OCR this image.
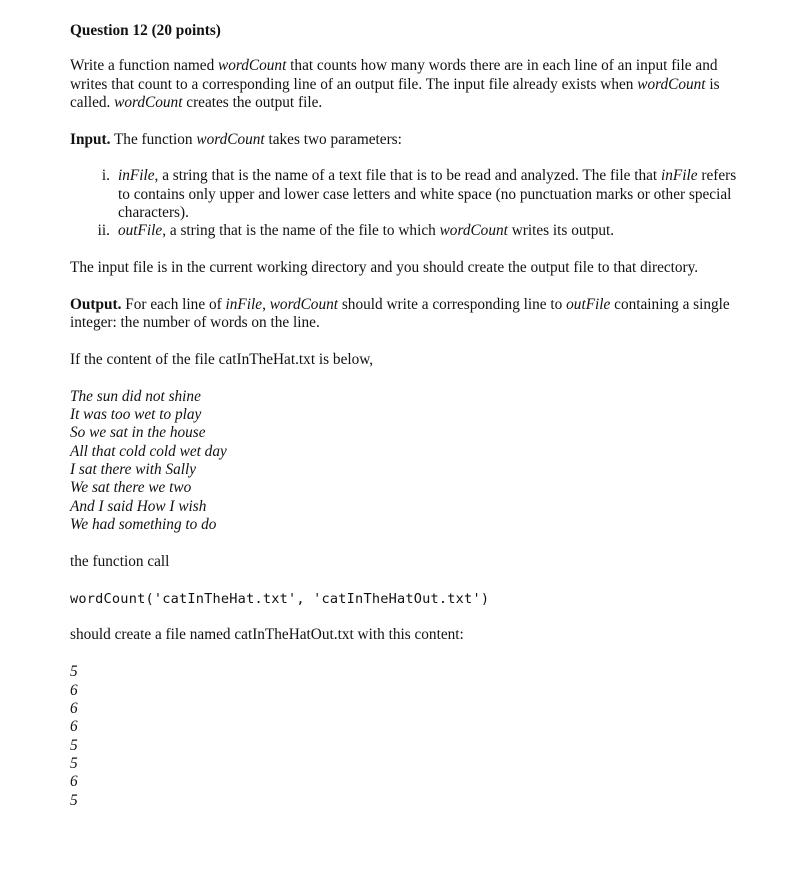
Question 12 (20 points)

Write a function named wordCount that counts how many words there are in each line of an input file and writes that count to a corresponding line of an output file. The input file already exists when wordCount is called. wordCount creates the output file.

Input. The function wordCount takes two parameters:

i. inFile, a string that is the name of a text file that is to be read and analyzed. The file that inFile refers to contains only upper and lower case letters and white space (no punctuation marks or other special characters).
ii. outFile, a string that is the name of the file to which wordCount writes its output.

The input file is in the current working directory and you should create the output file to that directory.

Output. For each line of inFile, wordCount should write a corresponding line to outFile containing a single integer: the number of words on the line.

If the content of the file catInTheHat.txt is below,

The sun did not shine
It was too wet to play
So we sat in the house
All that cold cold wet day
I sat there with Sally
We sat there we two
And I said How I wish
We had something to do

the function call

wordCount('catInTheHat.txt', 'catInTheHatOut.txt')

should create a file named catInTheHatOut.txt with this content:

5
6
6
6
5
5
6
5
